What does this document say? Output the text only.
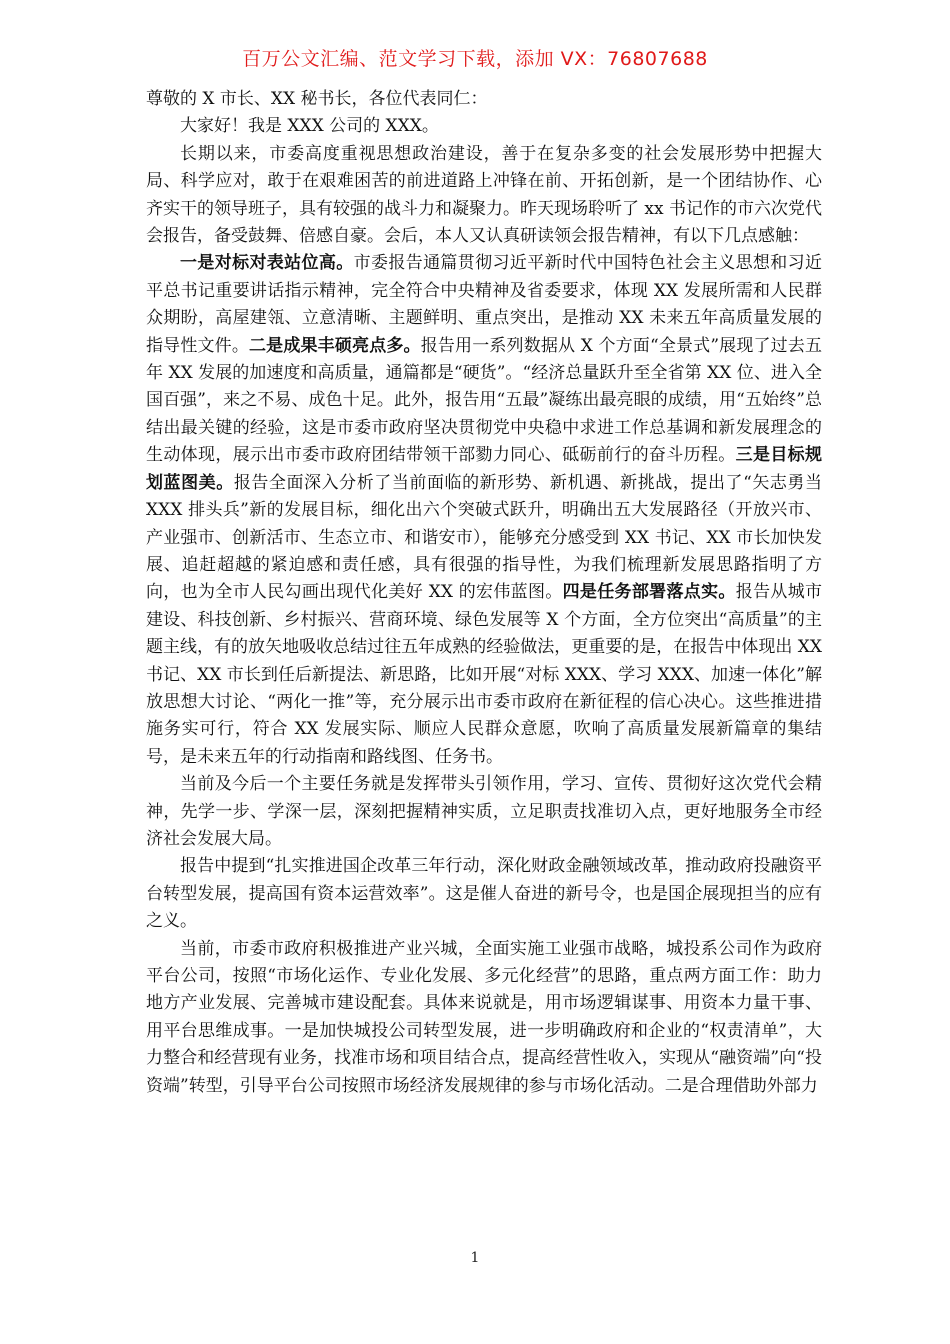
百万公文汇编、范文学习下载，添加 VX：76807688

尊敬的 X 市长、XX 秘书长，各位代表同仁：

大家好！我是 XXX 公司的 XXX。

长期以来，市委高度重视思想政治建设，善于在复杂多变的社会发展形势中把握大局、科学应对，敢于在艰难困苦的前进道路上冲锋在前、开拓创新，是一个团结协作、心齐实干的领导班子，具有较强的战斗力和凝聚力。昨天现场聆听了 xx 书记作的市六次党代会报告，备受鼓舞、倍感自豪。会后，本人又认真研读领会报告精神，有以下几点感触：

一是对标对表站位高。市委报告通篇贯彻习近平新时代中国特色社会主义思想和习近平总书记重要讲话指示精神，完全符合中央精神及省委要求，体现 XX 发展所需和人民群众期盼，高屋建瓴、立意清晰、主题鲜明、重点突出，是推动 XX 未来五年高质量发展的指导性文件。二是成果丰硕亮点多。报告用一系列数据从 X 个方面“全景式”展现了过去五年 XX 发展的加速度和高质量，通篇都是“硬货”。“经济总量跃升至全省第 XX 位、进入全国百强”，来之不易、成色十足。此外，报告用“五最”凝练出最亮眼的成绩，用“五始终”总结出最关键的经验，这是市委市政府坚决贯彻党中央稳中求进工作总基调和新发展理念的生动体现，展示出市委市政府团结带领干部勠力同心、砥砺前行的奋斗历程。三是目标规划蓝图美。报告全面深入分析了当前面临的新形势、新机遇、新挑战，提出了“矢志勇当 XXX 排头兵”新的发展目标，细化出六个突破式跃升，明确出五大发展路径（开放兴市、产业强市、创新活市、生态立市、和谐安市），能够充分感受到 XX 书记、XX 市长加快发展、追赶超越的紧迫感和责任感，具有很强的指导性，为我们梳理新发展思路指明了方向，也为全市人民勾画出现代化美好 XX 的宏伟蓝图。四是任务部署落点实。报告从城市建设、科技创新、乡村振兴、营商环境、绿色发展等 X 个方面，全方位突出“高质量”的主题主线，有的放矢地吸收总结过往五年成熟的经验做法，更重要的是，在报告中体现出 XX 书记、XX 市长到任后新提法、新思路，比如开展“对标 XXX、学习 XXX、加速一体化”解放思想大讨论、“两化一推”等，充分展示出市委市政府在新征程的信心决心。这些推进措施务实可行，符合 XX 发展实际、顺应人民群众意愿，吹响了高质量发展新篇章的集结号，是未来五年的行动指南和路线图、任务书。

当前及今后一个主要任务就是发挥带头引领作用，学习、宣传、贯彻好这次党代会精神，先学一步、学深一层，深刻把握精神实质，立足职责找准切入点，更好地服务全市经济社会发展大局。

报告中提到“扎实推进国企改革三年行动，深化财政金融领域改革，推动政府投融资平台转型发展，提高国有资本运营效率”。这是催人奋进的新号令，也是国企展现担当的应有之义。

当前，市委市政府积极推进产业兴城，全面实施工业强市战略，城投系公司作为政府平台公司，按照“市场化运作、专业化发展、多元化经营”的思路，重点两方面工作：助力地方产业发展、完善城市建设配套。具体来说就是，用市场逻辑谋事、用资本力量干事、用平台思维成事。一是加快城投公司转型发展，进一步明确政府和企业的“权责清单”，大力整合和经营现有业务，找准市场和项目结合点，提高经营性收入，实现从“融资端”向“投资端”转型，引导平台公司按照市场经济发展规律的参与市场化活动。二是合理借助外部力

1
